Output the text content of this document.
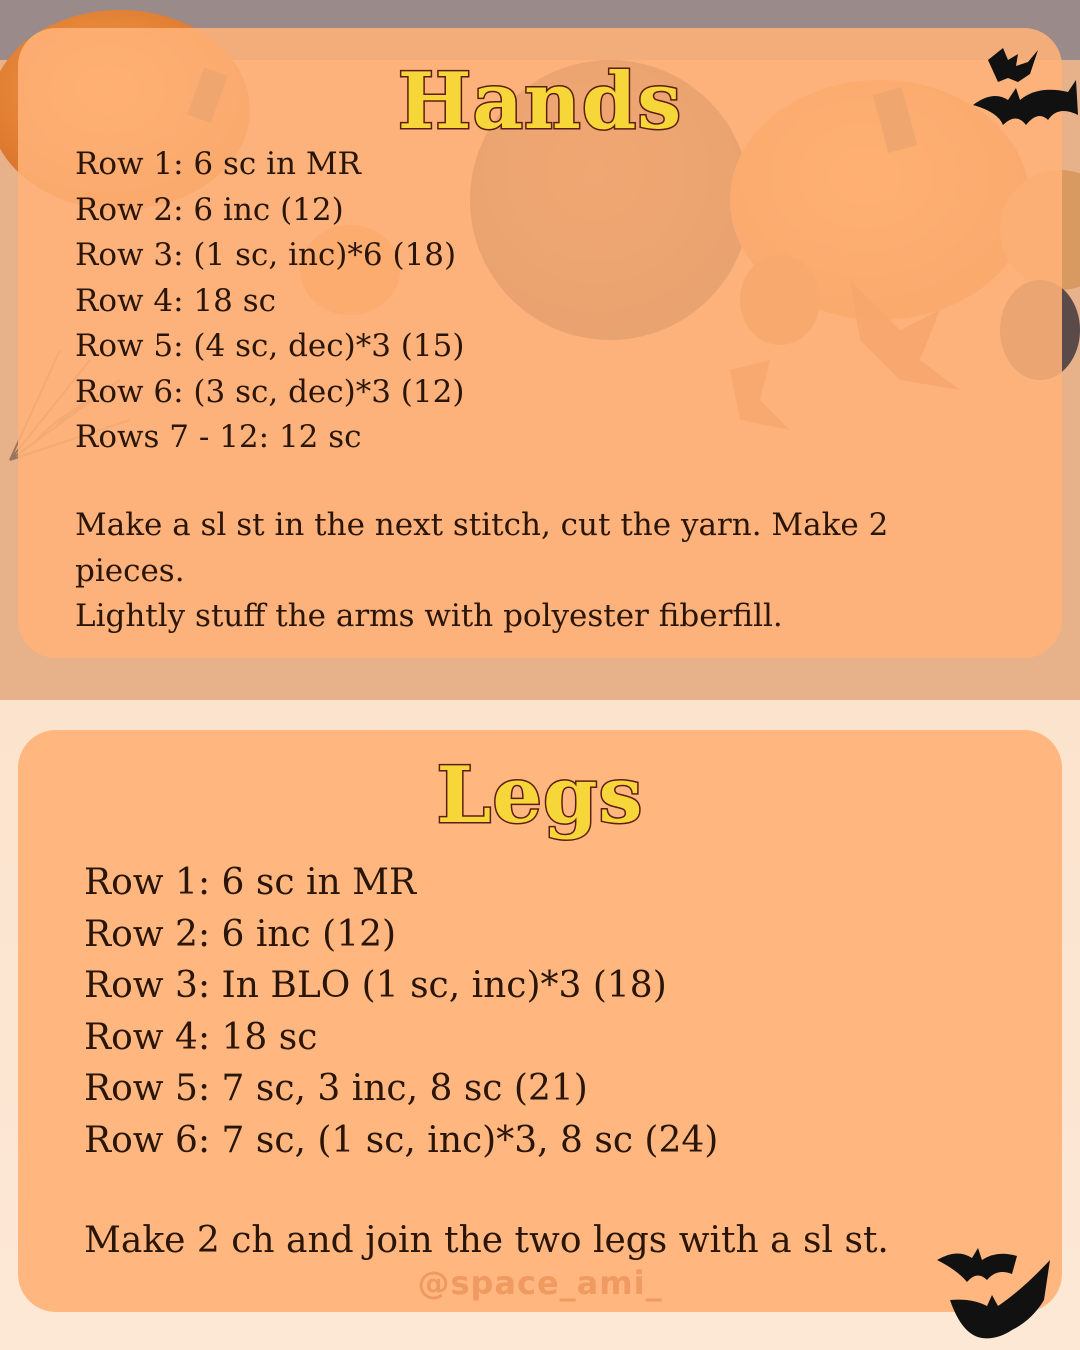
Hands
Row 1: 6 sc in MR
Row 2: 6 inc (12)
Row 3: (1 sc, inc)*6 (18)
Row 4: 18 sc
Row 5: (4 sc, dec)*3 (15)
Row 6: (3 sc, dec)*3 (12)
Rows 7 - 12: 12 sc
Make a sl st in the next stitch, cut the yarn. Make 2 pieces.
Lightly stuff the arms with polyester fiberfill.
Legs
Row 1: 6 sc in MR
Row 2: 6 inc (12)
Row 3: In BLO (1 sc, inc)*3 (18)
Row 4: 18 sc
Row 5: 7 sc, 3 inc, 8 sc (21)
Row 6: 7 sc, (1 sc, inc)*3, 8 sc (24)
Make 2 ch and join the two legs with a sl st.
@space_ami_
